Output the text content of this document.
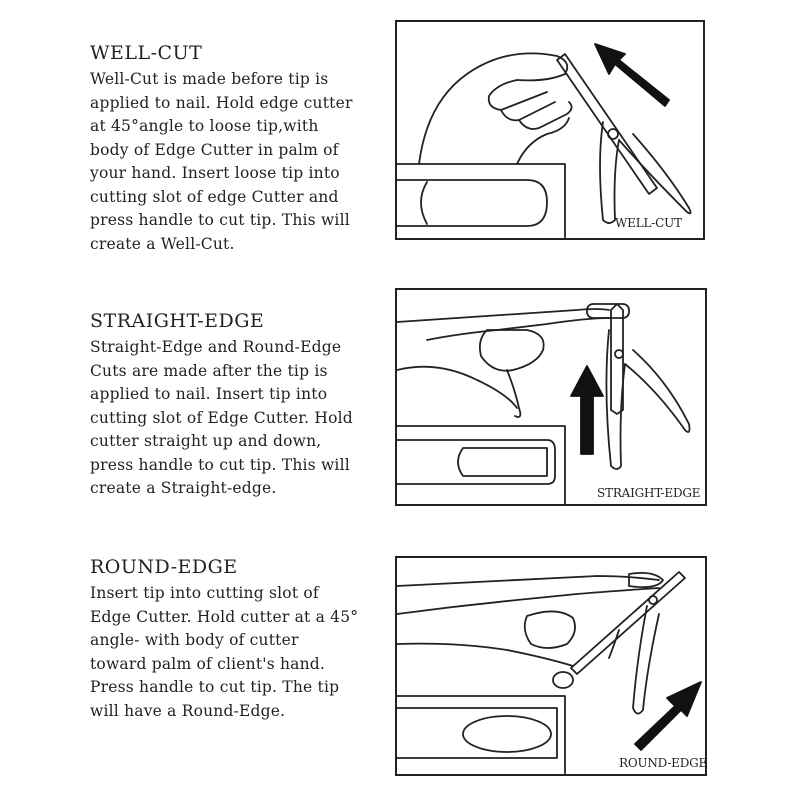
WELL-CUT
Well-Cut is made before tip is
applied to nail. Hold edge cutter
at 45°angle to loose tip,with
body of Edge Cutter in palm of
your hand. Insert loose tip into
cutting slot of edge Cutter and
press handle to cut tip. This will
create a Well-Cut.
WELL-CUT
STRAIGHT-EDGE
Straight-Edge and Round-Edge
Cuts are made after the tip is
applied to nail. Insert tip into
cutting slot of Edge Cutter. Hold
cutter straight up and down,
press handle to cut tip. This will
create a Straight-edge.	STRAIGHT-EDGE
ROUND-EDGE
Insert tip into cutting slot of
Edge Cutter. Hold cutter at a 45°
angle- with body of cutter
toward palm of client's hand.
Press handle to cut tip. The tip
will have a Round-Edge.
ROUND-EDGE
